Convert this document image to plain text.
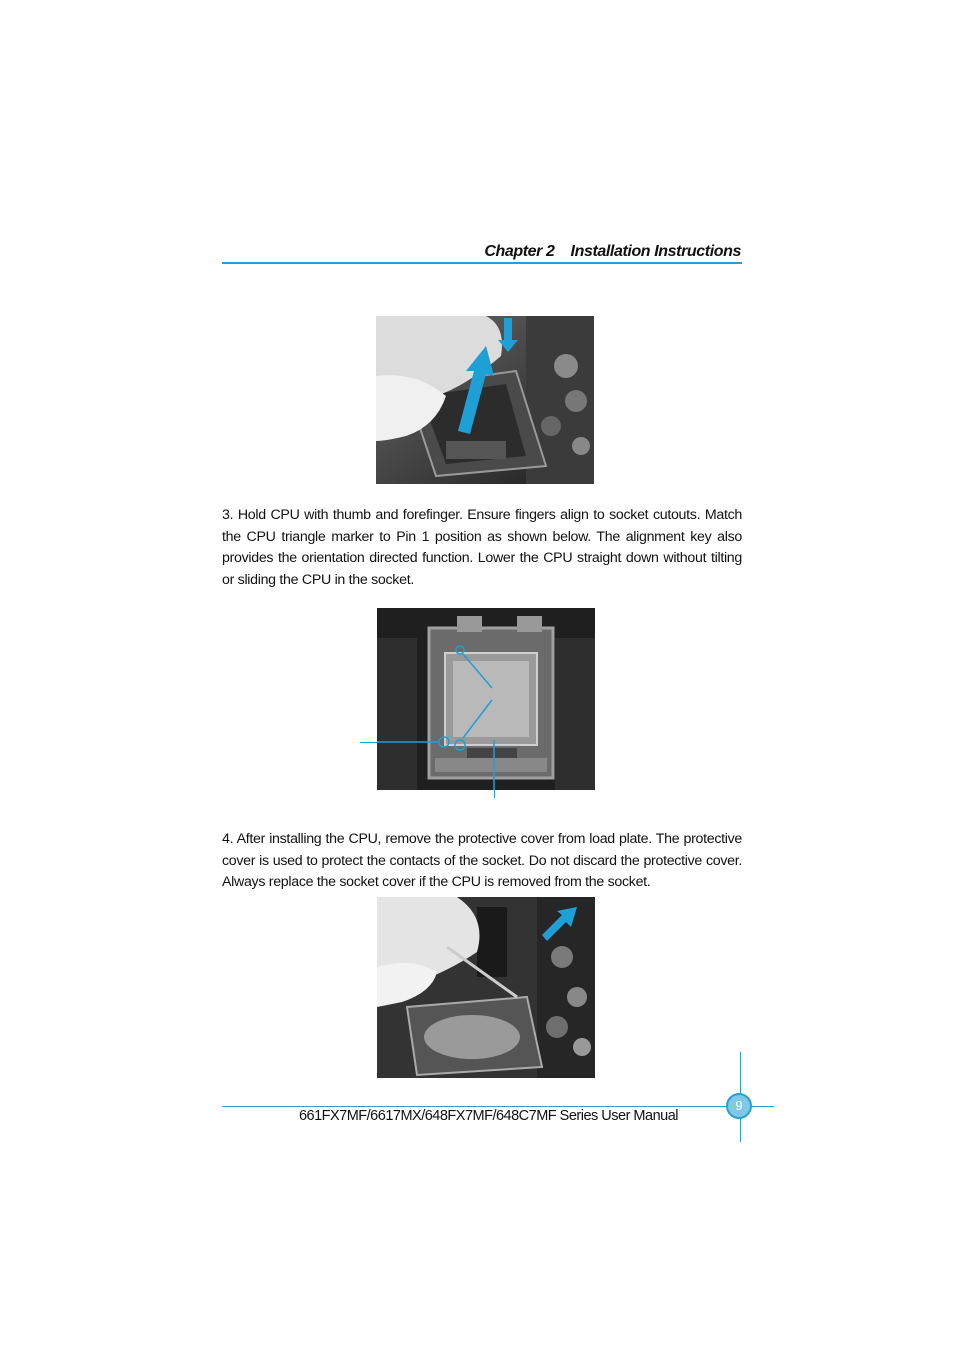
Chapter 2 Installation Instructions
3. Hold CPU with thumb and forefinger. Ensure fingers align to socket cutouts. Match the CPU triangle marker to Pin 1 position as shown below. The alignment key also provides the orientation directed function. Lower the CPU straight down without tilting or sliding the CPU in the socket.
4. After installing the CPU, remove the protective cover from load plate. The protective cover is used to protect the contacts of the socket. Do not discard the protective cover. Always replace the socket cover if the CPU is removed from the socket.
661FX7MF/6617MX/648FX7MF/648C7MF Series User Manual
9
